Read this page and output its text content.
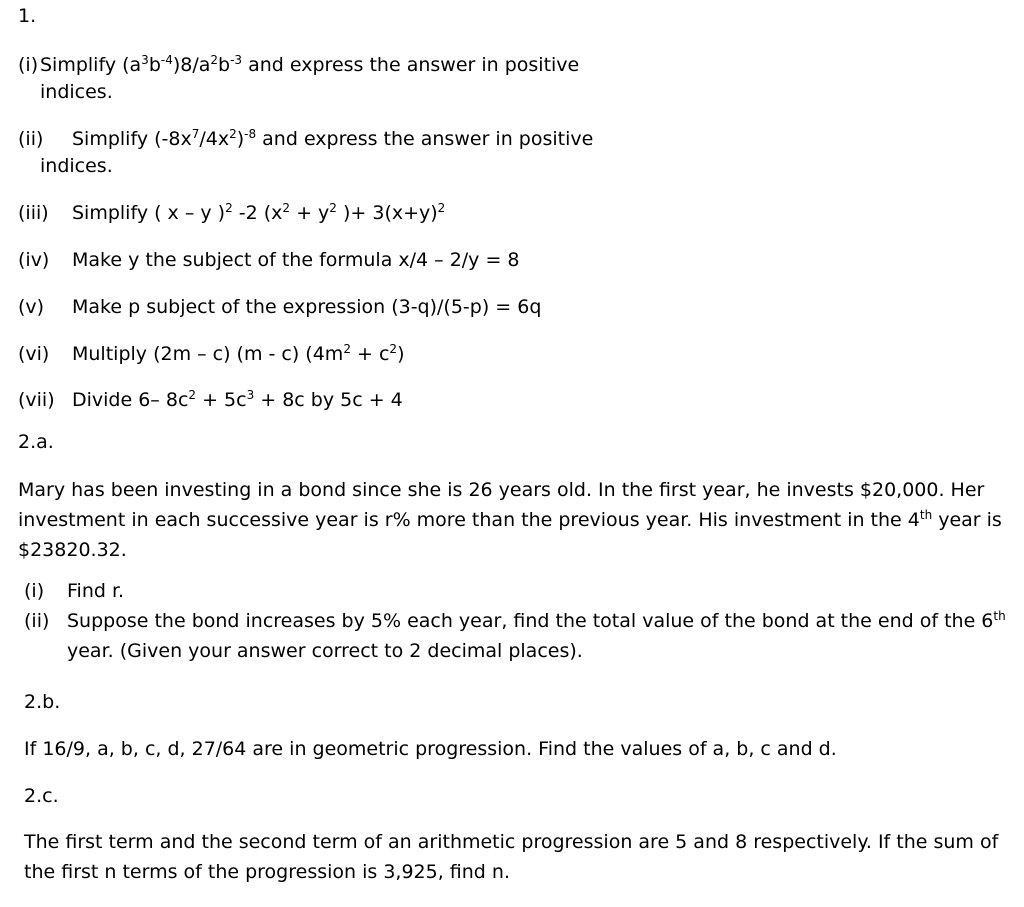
1.
(i) Simplify $(a^3b^{-4})8/a^2b^{-3}$ and express the answer in positive
indices.
(ii) Simplify $(-8x^7/4x^2)^{-8}$ and express the answer in positive
indices.
(iii) Simplify ( x – y )$^2$ -2 ($x^2 + y^2$ )+ $3(x+y)^2$
(iv) Make y the subject of the formula x/4 – 2/y = 8
(v) Make p subject of the expression (3-q)/(5-p) = 6q
(vi) Multiply (2m – c) (m - c) $(4m^2 + c^2)$
(vii) Divide 6– $8c^2 + 5c^3 + 8c$ by 5c + 4
2.a.
Mary has been investing in a bond since she is 26 years old. In the first year, he invests $20,000. Her
investment in each successive year is r% more than the previous year. His investment in the 4th year is
$23820.32.
(i) Find r.
(ii) Suppose the bond increases by 5% each year, find the total value of the bond at the end of the 6th
year. (Given your answer correct to 2 decimal places).
2.b.
If 16/9, a, b, c, d, 27/64 are in geometric progression. Find the values of a, b, c and d.
2.c.
The first term and the second term of an arithmetic progression are 5 and 8 respectively. If the sum of
the first n terms of the progression is 3,925, find n.
